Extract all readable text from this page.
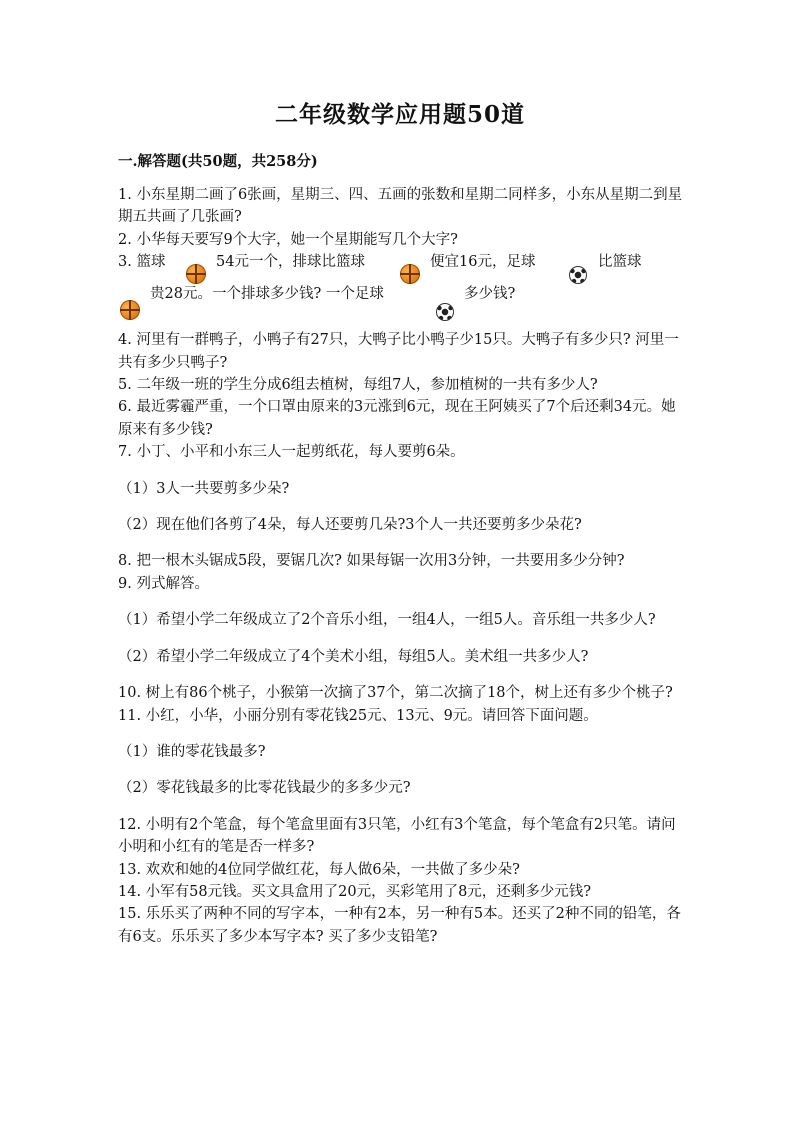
二年级数学应用题50道
一.解答题(共50题，共258分)

1. 小东星期二画了6张画，星期三、四、五画的张数和星期二同样多，小东从星期二到星期五共画了几张画?

2. 小华每天要写9个大字，她一个星期能写几个大字?

3. 篮球	54元一个，排球比篮球	便宜16元，足球	比篮球
贵28元。一个排球多少钱? 一个足球	多少钱?

4. 河里有一群鸭子，小鸭子有27只，大鸭子比小鸭子少15只。大鸭子有多少只? 河里一共有多少只鸭子?

5. 二年级一班的学生分成6组去植树，每组7人，参加植树的一共有多少人?

6. 最近雾霾严重，一个口罩由原来的3元涨到6元，现在王阿姨买了7个后还剩34元。她原来有多少钱?

7. 小丁、小平和小东三人一起剪纸花，每人要剪6朵。

（1）3人一共要剪多少朵?

（2）现在他们各剪了4朵，每人还要剪几朵?3个人一共还要剪多少朵花?

8. 把一根木头锯成5段，要锯几次? 如果每锯一次用3分钟，一共要用多少分钟?

9. 列式解答。

（1）希望小学二年级成立了2个音乐小组，一组4人，一组5人。音乐组一共多少人?

（2）希望小学二年级成立了4个美术小组，每组5人。美术组一共多少人?

10. 树上有86个桃子，小猴第一次摘了37个，第二次摘了18个，树上还有多少个桃子?

11. 小红，小华，小丽分别有零花钱25元、13元、9元。请回答下面问题。

（1）谁的零花钱最多?

（2）零花钱最多的比零花钱最少的多多少元?

12. 小明有2个笔盒，每个笔盒里面有3只笔，小红有3个笔盒，每个笔盒有2只笔。请问小明和小红有的笔是否一样多?

13. 欢欢和她的4位同学做红花，每人做6朵，一共做了多少朵?

14. 小军有58元钱。买文具盒用了20元，买彩笔用了8元，还剩多少元钱?

15. 乐乐买了两种不同的写字本，一种有2本，另一种有5本。还买了2种不同的铅笔，各有6支。乐乐买了多少本写字本? 买了多少支铅笔?
